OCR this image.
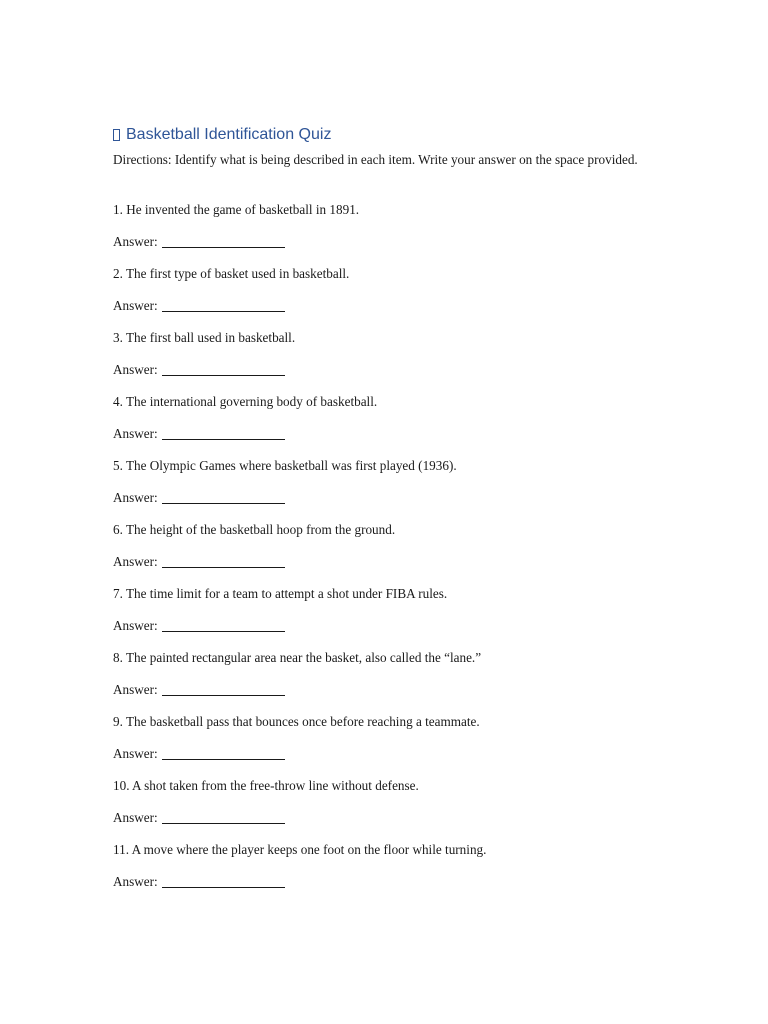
Basketball Identification Quiz

Directions: Identify what is being described in each item. Write your answer on the space provided.

1. He invented the game of basketball in 1891.

Answer:

2. The first type of basket used in basketball.

Answer:

3. The first ball used in basketball.

Answer:

4. The international governing body of basketball.

Answer:

5. The Olympic Games where basketball was first played (1936).

Answer:

6. The height of the basketball hoop from the ground.

Answer:

7. The time limit for a team to attempt a shot under FIBA rules.

Answer:

8. The painted rectangular area near the basket, also called the “lane.”

Answer:

9. The basketball pass that bounces once before reaching a teammate.

Answer:

10. A shot taken from the free-throw line without defense.

Answer:

11. A move where the player keeps one foot on the floor while turning.

Answer:
